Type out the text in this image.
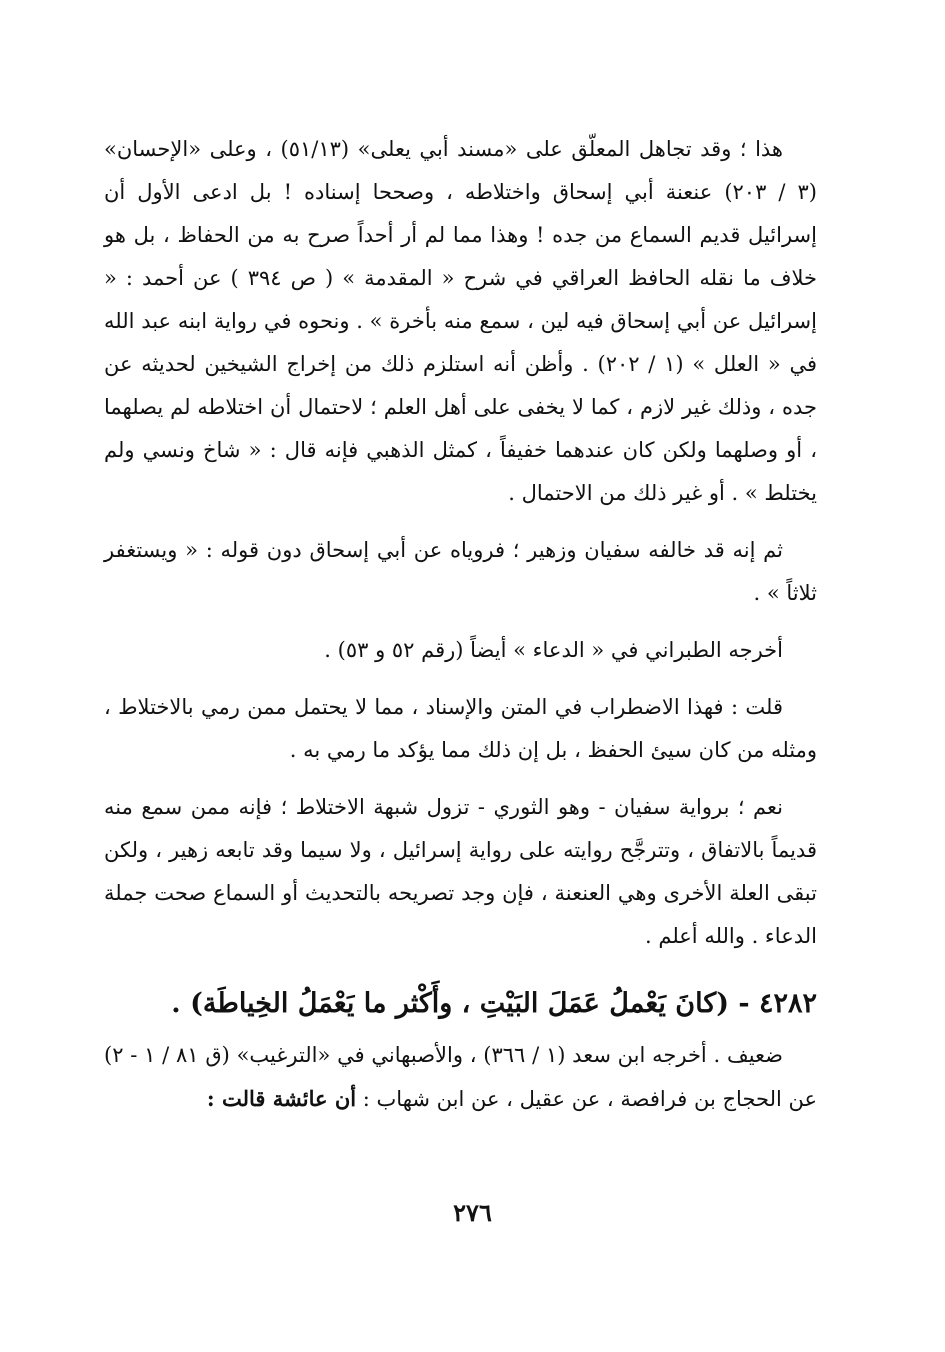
هذا ؛ وقد تجاهل المعلّق على «مسند أبي يعلى» (٥١/١٣) ، وعلى «الإحسان» (٣ / ٢٠٣) عنعنة أبي إسحاق واختلاطه ، وصححا إسناده ! بل ادعى الأول أن إسرائيل قديم السماع من جده ! وهذا مما لم أر أحداً صرح به من الحفاظ ، بل هو خلاف ما نقله الحافظ العراقي في شرح « المقدمة » ( ص ٣٩٤ ) عن أحمد : « إسرائيل عن أبي إسحاق فيه لين ، سمع منه بأخرة » . ونحوه في رواية ابنه عبد الله في « العلل » (١ / ٢٠٢) . وأظن أنه استلزم ذلك من إخراج الشيخين لحديثه عن جده ، وذلك غير لازم ، كما لا يخفى على أهل العلم ؛ لاحتمال أن اختلاطه لم يصلهما ، أو وصلهما ولكن كان عندهما خفيفاً ، كمثل الذهبي فإنه قال : « شاخ ونسي ولم يختلط » . أو غير ذلك من الاحتمال .

ثم إنه قد خالفه سفيان وزهير ؛ فروياه عن أبي إسحاق دون قوله : « ويستغفر ثلاثاً » .

أخرجه الطبراني في « الدعاء » أيضاً (رقم ٥٢ و ٥٣) .

قلت : فهذا الاضطراب في المتن والإسناد ، مما لا يحتمل ممن رمي بالاختلاط ، ومثله من كان سيئ الحفظ ، بل إن ذلك مما يؤكد ما رمي به .

نعم ؛ برواية سفيان - وهو الثوري - تزول شبهة الاختلاط ؛ فإنه ممن سمع منه قديماً بالاتفاق ، وتترجَّح روايته على رواية إسرائيل ، ولا سيما وقد تابعه زهير ، ولكن تبقى العلة الأخرى وهي العنعنة ، فإن وجد تصريحه بالتحديث أو السماع صحت جملة الدعاء . والله أعلم .

٤٢٨٢ - (كانَ يَعْملُ عَمَلَ البَيْتِ ، وأَكْثر ما يَعْمَلُ الخِياطَة) .

ضعيف . أخرجه ابن سعد (١ / ٣٦٦) ، والأصبهاني في «الترغيب» (ق ٨١ / ١ - ٢) عن الحجاج بن فرافصة ، عن عقيل ، عن ابن شهاب : أن عائشة قالت :

٢٧٦
